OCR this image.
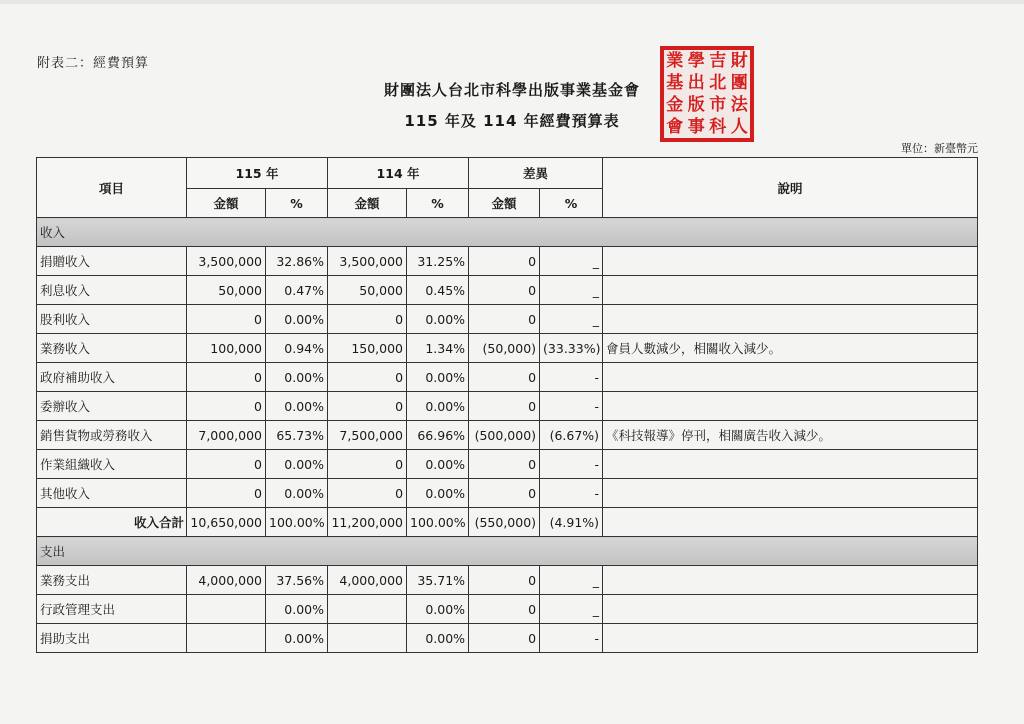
附表二：經費預算
財團法人台北市科學出版事業基金會
115 年及 114 年經費預算表
業 學 吉 財
基 出 北 團
金 版 市 法
會 事 科 人
單位：新臺幣元
項目	115 年		114 年		差異		說明
	金額	%	金額	%	金額	%	
收入							
捐贈收入	3,500,000	32.86%	3,500,000	31.25%	0	_	
利息收入	50,000	0.47%	50,000	0.45%	0	_	
股利收入	0	0.00%	0	0.00%	0	_	
業務收入	100,000	0.94%	150,000	1.34%	(50,000)	(33.33%)	會員人數減少，相關收入減少。
政府補助收入	0	0.00%	0	0.00%	0	-	
委辦收入	0	0.00%	0	0.00%	0	-	
銷售貨物或勞務收入	7,000,000	65.73%	7,500,000	66.96%	(500,000)	(6.67%)	《科技報導》停刊，相關廣告收入減少。
作業組織收入	0	0.00%	0	0.00%	0	-	
其他收入	0	0.00%	0	0.00%	0	-	
收入合計	10,650,000	100.00%	11,200,000	100.00%	(550,000)	(4.91%)	
支出							
業務支出	4,000,000	37.56%	4,000,000	35.71%	0	_	
行政管理支出		0.00%		0.00%	0	_	
捐助支出		0.00%		0.00%	0	-	
